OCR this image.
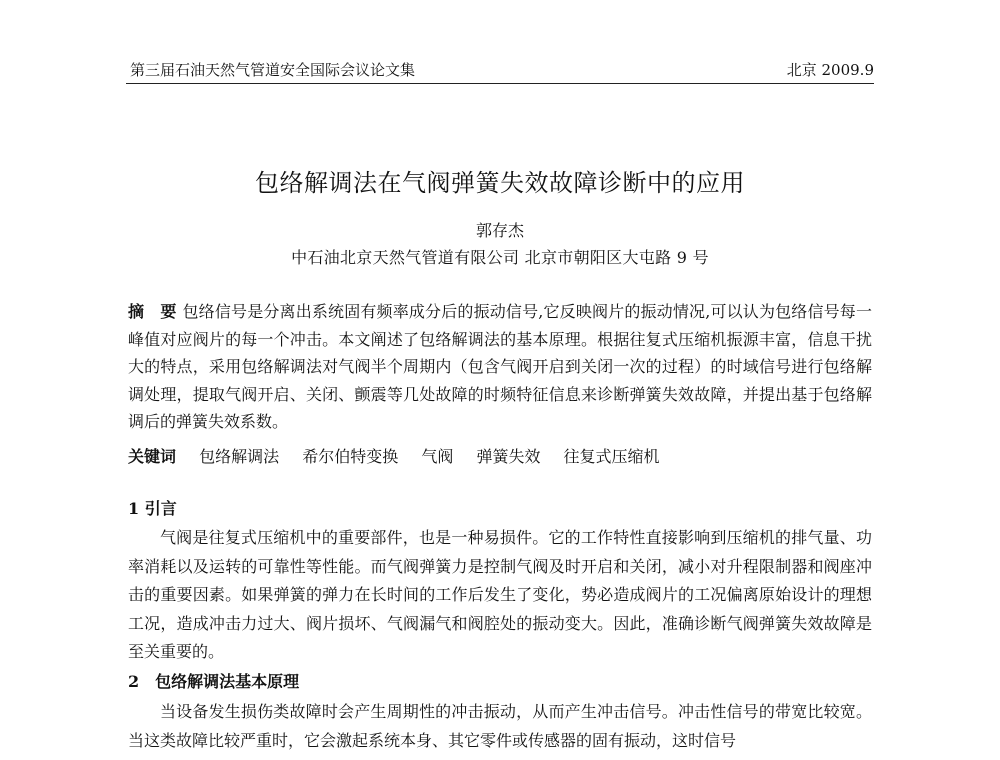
第三届石油天然气管道安全国际会议论文集	北京 2009.9
包络解调法在气阀弹簧失效故障诊断中的应用
郭存杰
中石油北京天然气管道有限公司 北京市朝阳区大屯路 9 号
摘　要 包络信号是分离出系统固有频率成分后的振动信号,它反映阀片的振动情况,可以认为包络信号每一峰值对应阀片的每一个冲击。本文阐述了包络解调法的基本原理。根据往复式压缩机振源丰富，信息干扰大的特点，采用包络解调法对气阀半个周期内（包含气阀开启到关闭一次的过程）的时域信号进行包络解调处理，提取气阀开启、关闭、颤震等几处故障的时频特征信息来诊断弹簧失效故障，并提出基于包络解调后的弹簧失效系数。
关键词 包络解调法 希尔伯特变换 气阀 弹簧失效 往复式压缩机
1 引言
气阀是往复式压缩机中的重要部件，也是一种易损件。它的工作特性直接影响到压缩机的排气量、功率消耗以及运转的可靠性等性能。而气阀弹簧力是控制气阀及时开启和关闭，减小对升程限制器和阀座冲击的重要因素。如果弹簧的弹力在长时间的工作后发生了变化，势必造成阀片的工况偏离原始设计的理想工况，造成冲击力过大、阀片损坏、气阀漏气和阀腔处的振动变大。因此，准确诊断气阀弹簧失效故障是至关重要的。
2　包络解调法基本原理
当设备发生损伤类故障时会产生周期性的冲击振动，从而产生冲击信号。冲击性信号的带宽比较宽。当这类故障比较严重时，它会激起系统本身、其它零件或传感器的固有振动，这时信号
